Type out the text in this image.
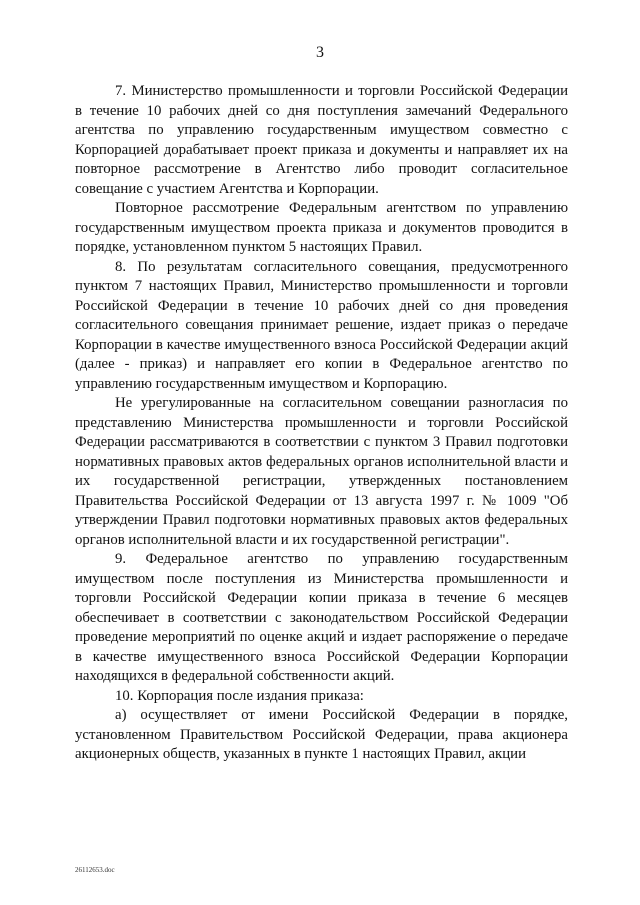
3

7. Министерство промышленности и торговли Российской Федерации в течение 10 рабочих дней со дня поступления замечаний Федерального агентства по управлению государственным имуществом совместно с Корпорацией дорабатывает проект приказа и документы и направляет их на повторное рассмотрение в Агентство либо проводит согласительное совещание с участием Агентства и Корпорации.

Повторное рассмотрение Федеральным агентством по управлению государственным имуществом проекта приказа и документов проводится в порядке, установленном пунктом 5 настоящих Правил.

8. По результатам согласительного совещания, предусмотренного пунктом 7 настоящих Правил, Министерство промышленности и торговли Российской Федерации в течение 10 рабочих дней со дня проведения согласительного совещания принимает решение, издает приказ о передаче Корпорации в качестве имущественного взноса Российской Федерации акций (далее - приказ) и направляет его копии в Федеральное агентство по управлению государственным имуществом и Корпорацию.

Не урегулированные на согласительном совещании разногласия по представлению Министерства промышленности и торговли Российской Федерации рассматриваются в соответствии с пунктом 3 Правил подготовки нормативных правовых актов федеральных органов исполнительной власти и их государственной регистрации, утвержденных постановлением Правительства Российской Федерации от 13 августа 1997 г. № 1009 "Об утверждении Правил подготовки нормативных правовых актов федеральных органов исполнительной власти и их государственной регистрации".

9. Федеральное агентство по управлению государственным имуществом после поступления из Министерства промышленности и торговли Российской Федерации копии приказа в течение 6 месяцев обеспечивает в соответствии с законодательством Российской Федерации проведение мероприятий по оценке акций и издает распоряжение о передаче в качестве имущественного взноса Российской Федерации Корпорации находящихся в федеральной собственности акций.

10. Корпорация после издания приказа:

а) осуществляет от имени Российской Федерации в порядке, установленном Правительством Российской Федерации, права акционера акционерных обществ, указанных в пункте 1 настоящих Правил, акции

26112653.doc
